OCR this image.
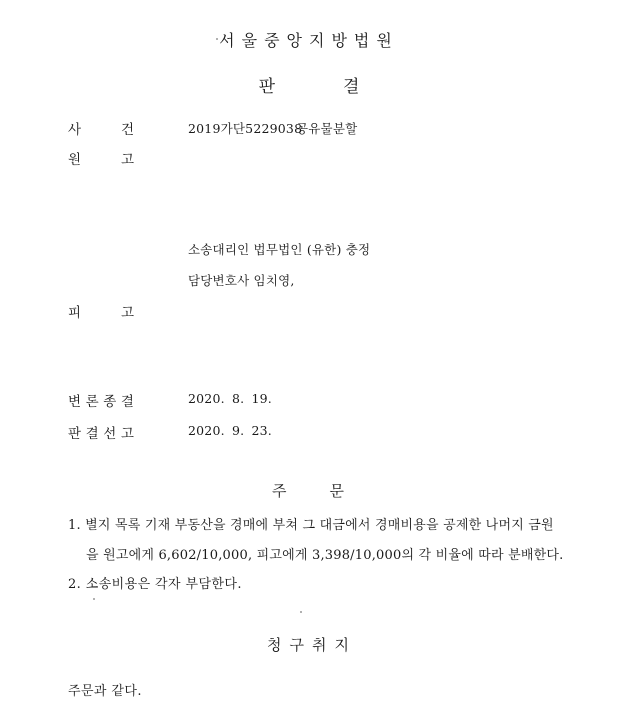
서울중앙지방법원
판결
사	건	2019가단5229038
공유물분할
원	고
소송대리인 법무법인 (유한) 충정
담당변호사 임치영,
피	고
변 론 종 결	2020. 8. 19.
판 결 선 고	2020. 9. 23.
주	문
1. 별지 목록 기재 부동산을 경매에 부쳐 그 대금에서 경매비용을 공제한 나머지 금원
을 원고에게 6,602/10,000, 피고에게 3,398/10,000의 각 비율에 따라 분배한다.
2. 소송비용은 각자 부담한다.
청 구 취 지
주문과 같다.
